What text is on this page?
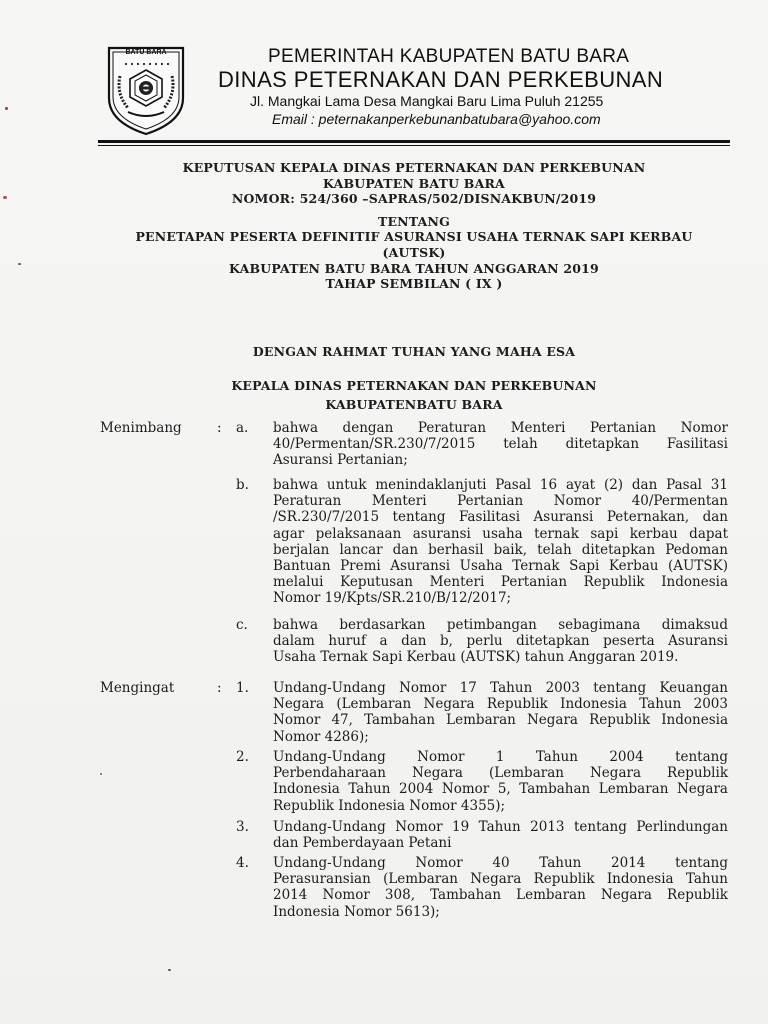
BATU BARA	PEMERINTAH KABUPATEN BATU BARA
DINAS PETERNAKAN DAN PERKEBUNAN
Jl. Mangkai Lama Desa Mangkai Baru Lima Puluh 21255
Email : peternakanperkebunanbatubara@yahoo.com
KEPUTUSAN KEPALA DINAS PETERNAKAN DAN PERKEBUNAN
KABUPATEN BATU BARA
NOMOR: 524/360 –SAPRAS/502/DISNAKBUN/2019
TENTANG
PENETAPAN PESERTA DEFINITIF ASURANSI USAHA TERNAK SAPI KERBAU
(AUTSK)
KABUPATEN BATU BARA TAHUN ANGGARAN 2019
TAHAP SEMBILAN ( IX )
DENGAN RAHMAT TUHAN YANG MAHA ESA
KEPALA DINAS PETERNAKAN DAN PERKEBUNAN
KABUPATENBATU BARA
Menimbang	: a. bahwa dengan Peraturan Menteri Pertanian Nomor
40/Permentan/SR.230/7/2015 telah ditetapkan Fasilitasi
Asuransi Pertanian;
b. bahwa untuk menindaklanjuti Pasal 16 ayat (2) dan Pasal 31
Peraturan Menteri Pertanian Nomor 40/Permentan
/SR.230/7/2015 tentang Fasilitasi Asuransi Peternakan, dan
agar pelaksanaan asuransi usaha ternak sapi kerbau dapat
berjalan lancar dan berhasil baik, telah ditetapkan Pedoman
Bantuan Premi Asuransi Usaha Ternak Sapi Kerbau (AUTSK)
melalui Keputusan Menteri Pertanian Republik Indonesia
Nomor 19/Kpts/SR.210/B/12/2017;
c. bahwa berdasarkan petimbangan sebagimana dimaksud
dalam huruf a dan b, perlu ditetapkan peserta Asuransi
Usaha Ternak Sapi Kerbau (AUTSK) tahun Anggaran 2019.
Mengingat	: 1. Undang-Undang Nomor 17 Tahun 2003 tentang Keuangan
Negara (Lembaran Negara Republik Indonesia Tahun 2003
Nomor 47, Tambahan Lembaran Negara Republik Indonesia
Nomor 4286);
2. Undang-Undang Nomor 1 Tahun 2004 tentang
Perbendaharaan Negara (Lembaran Negara Republik
Indonesia Tahun 2004 Nomor 5, Tambahan Lembaran Negara
Republik Indonesia Nomor 4355);
3. Undang-Undang Nomor 19 Tahun 2013 tentang Perlindungan
dan Pemberdayaan Petani
4. Undang-Undang Nomor 40 Tahun 2014 tentang
Perasuransian (Lembaran Negara Republik Indonesia Tahun
2014 Nomor 308, Tambahan Lembaran Negara Republik
Indonesia Nomor 5613);
